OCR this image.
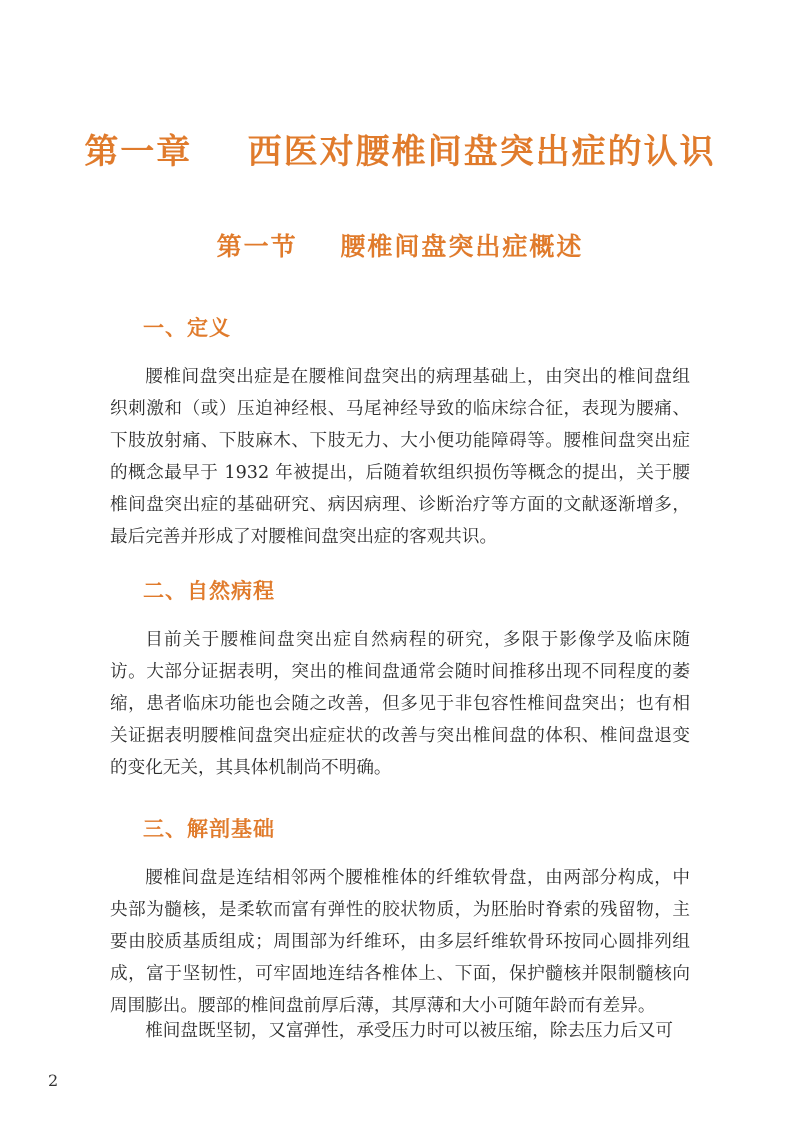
第一章    西医对腰椎间盘突出症的认识
第一节    腰椎间盘突出症概述
一、定义

腰椎间盘突出症是在腰椎间盘突出的病理基础上，由突出的椎间盘组织刺激和（或）压迫神经根、马尾神经导致的临床综合征，表现为腰痛、下肢放射痛、下肢麻木、下肢无力、大小便功能障碍等。腰椎间盘突出症的概念最早于 1932 年被提出，后随着软组织损伤等概念的提出，关于腰椎间盘突出症的基础研究、病因病理、诊断治疗等方面的文献逐渐增多，最后完善并形成了对腰椎间盘突出症的客观共识。

二、自然病程

目前关于腰椎间盘突出症自然病程的研究，多限于影像学及临床随访。大部分证据表明，突出的椎间盘通常会随时间推移出现不同程度的萎缩，患者临床功能也会随之改善，但多见于非包容性椎间盘突出；也有相关证据表明腰椎间盘突出症症状的改善与突出椎间盘的体积、椎间盘退变的变化无关，其具体机制尚不明确。

三、解剖基础

腰椎间盘是连结相邻两个腰椎椎体的纤维软骨盘，由两部分构成，中央部为髓核，是柔软而富有弹性的胶状物质，为胚胎时脊索的残留物，主要由胶质基质组成；周围部为纤维环，由多层纤维软骨环按同心圆排列组成，富于坚韧性，可牢固地连结各椎体上、下面，保护髓核并限制髓核向周围膨出。腰部的椎间盘前厚后薄，其厚薄和大小可随年龄而有差异。

椎间盘既坚韧，又富弹性，承受压力时可以被压缩，除去压力后又可

2
